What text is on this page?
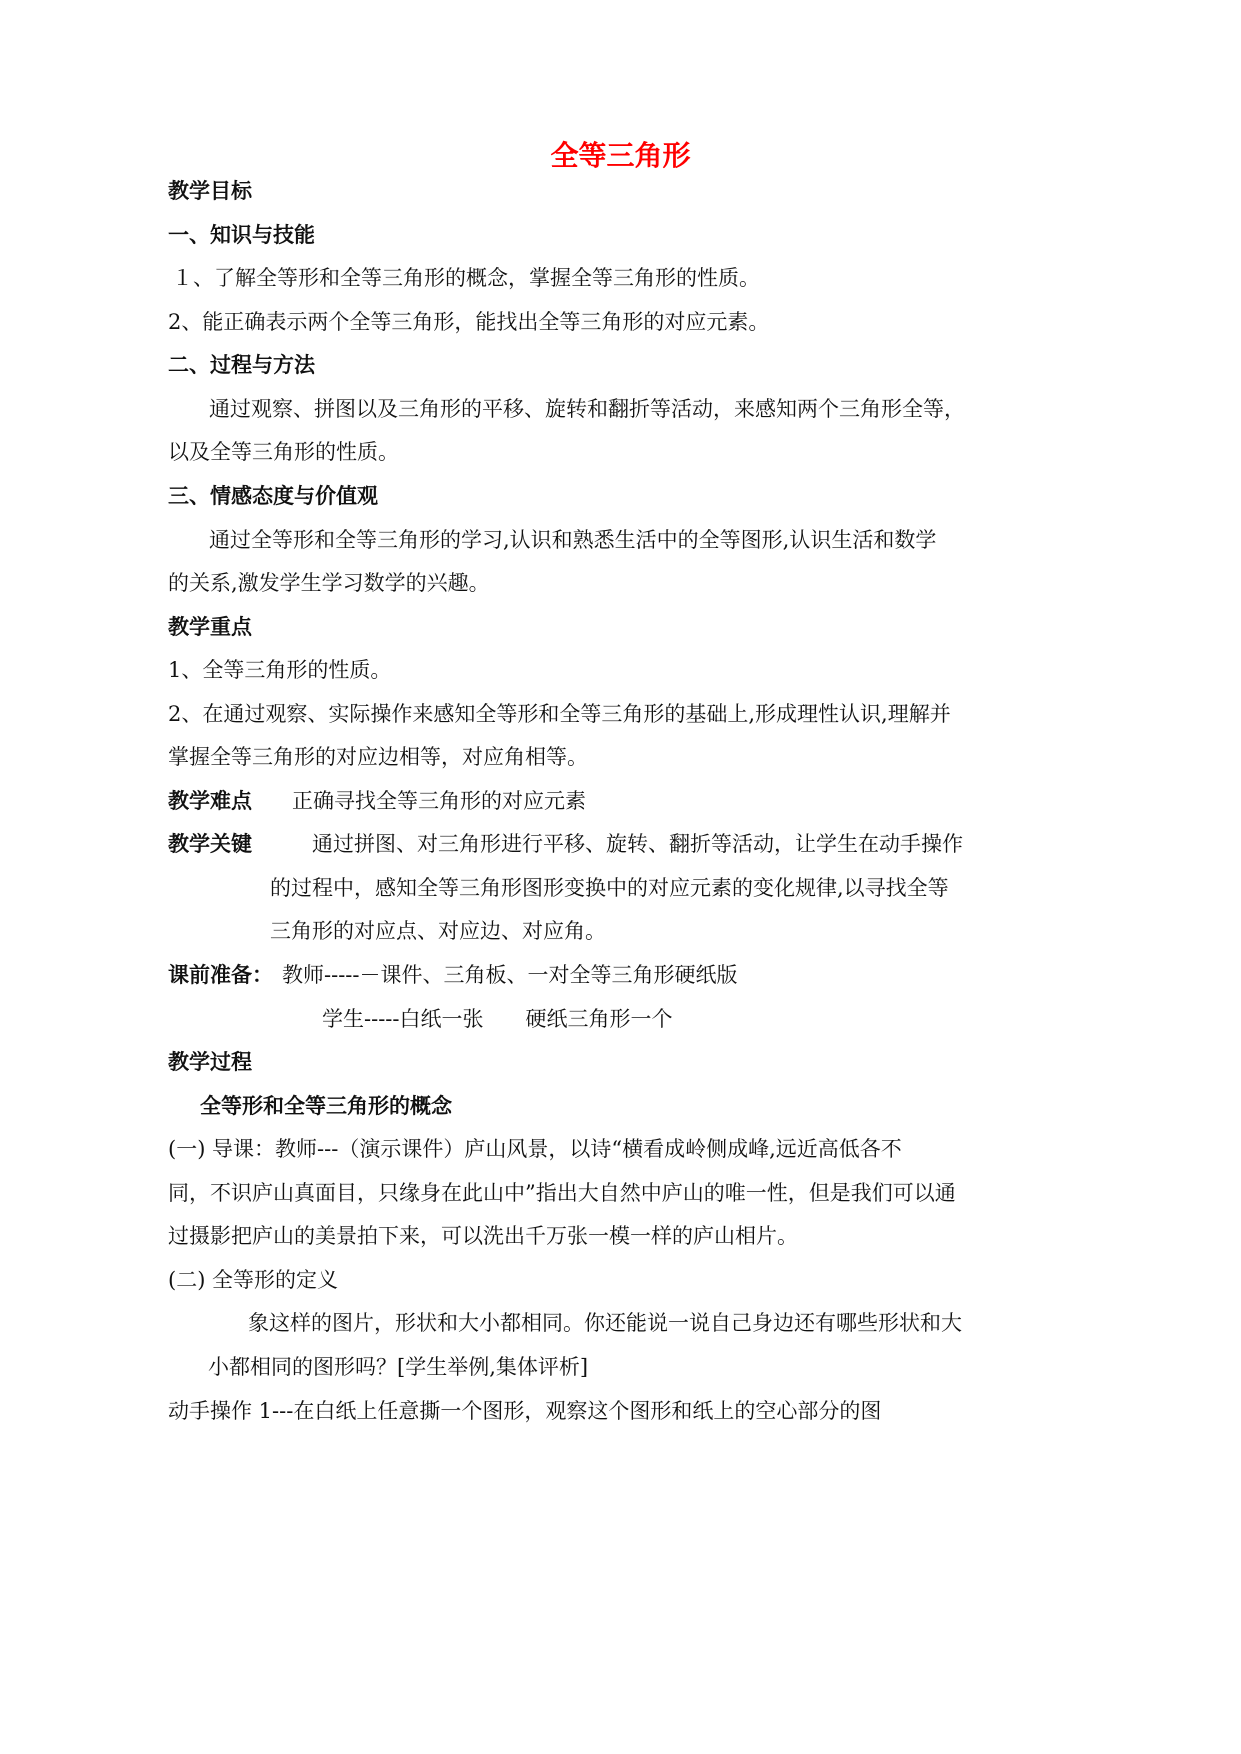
全等三角形
教学目标
一、知识与技能
１、了解全等形和全等三角形的概念，掌握全等三角形的性质。
2、能正确表示两个全等三角形，能找出全等三角形的对应元素。
二、过程与方法
通过观察、拼图以及三角形的平移、旋转和翻折等活动，来感知两个三角形全等，
以及全等三角形的性质。
三、情感态度与价值观
通过全等形和全等三角形的学习,认识和熟悉生活中的全等图形,认识生活和数学
的关系,激发学生学习数学的兴趣。
教学重点
1、全等三角形的性质。
2、在通过观察、实际操作来感知全等形和全等三角形的基础上,形成理性认识,理解并
掌握全等三角形的对应边相等，对应角相等。
教学难点 正确寻找全等三角形的对应元素
教学关键	通过拼图、对三角形进行平移、旋转、翻折等活动，让学生在动手操作
的过程中，感知全等三角形图形变换中的对应元素的变化规律,以寻找全等
三角形的对应点、对应边、对应角。
课前准备： 教师-----－课件、三角板、一对全等三角形硬纸版
学生-----白纸一张　　硬纸三角形一个
教学过程
全等形和全等三角形的概念
(一) 导课：教师---（演示课件）庐山风景，以诗“横看成岭侧成峰,远近高低各不
同，不识庐山真面目，只缘身在此山中”指出大自然中庐山的唯一性，但是我们可以通
过摄影把庐山的美景拍下来，可以洗出千万张一模一样的庐山相片。
(二) 全等形的定义
象这样的图片，形状和大小都相同。你还能说一说自己身边还有哪些形状和大
小都相同的图形吗？[学生举例,集体评析]
动手操作 1---在白纸上任意撕一个图形，观察这个图形和纸上的空心部分的图
